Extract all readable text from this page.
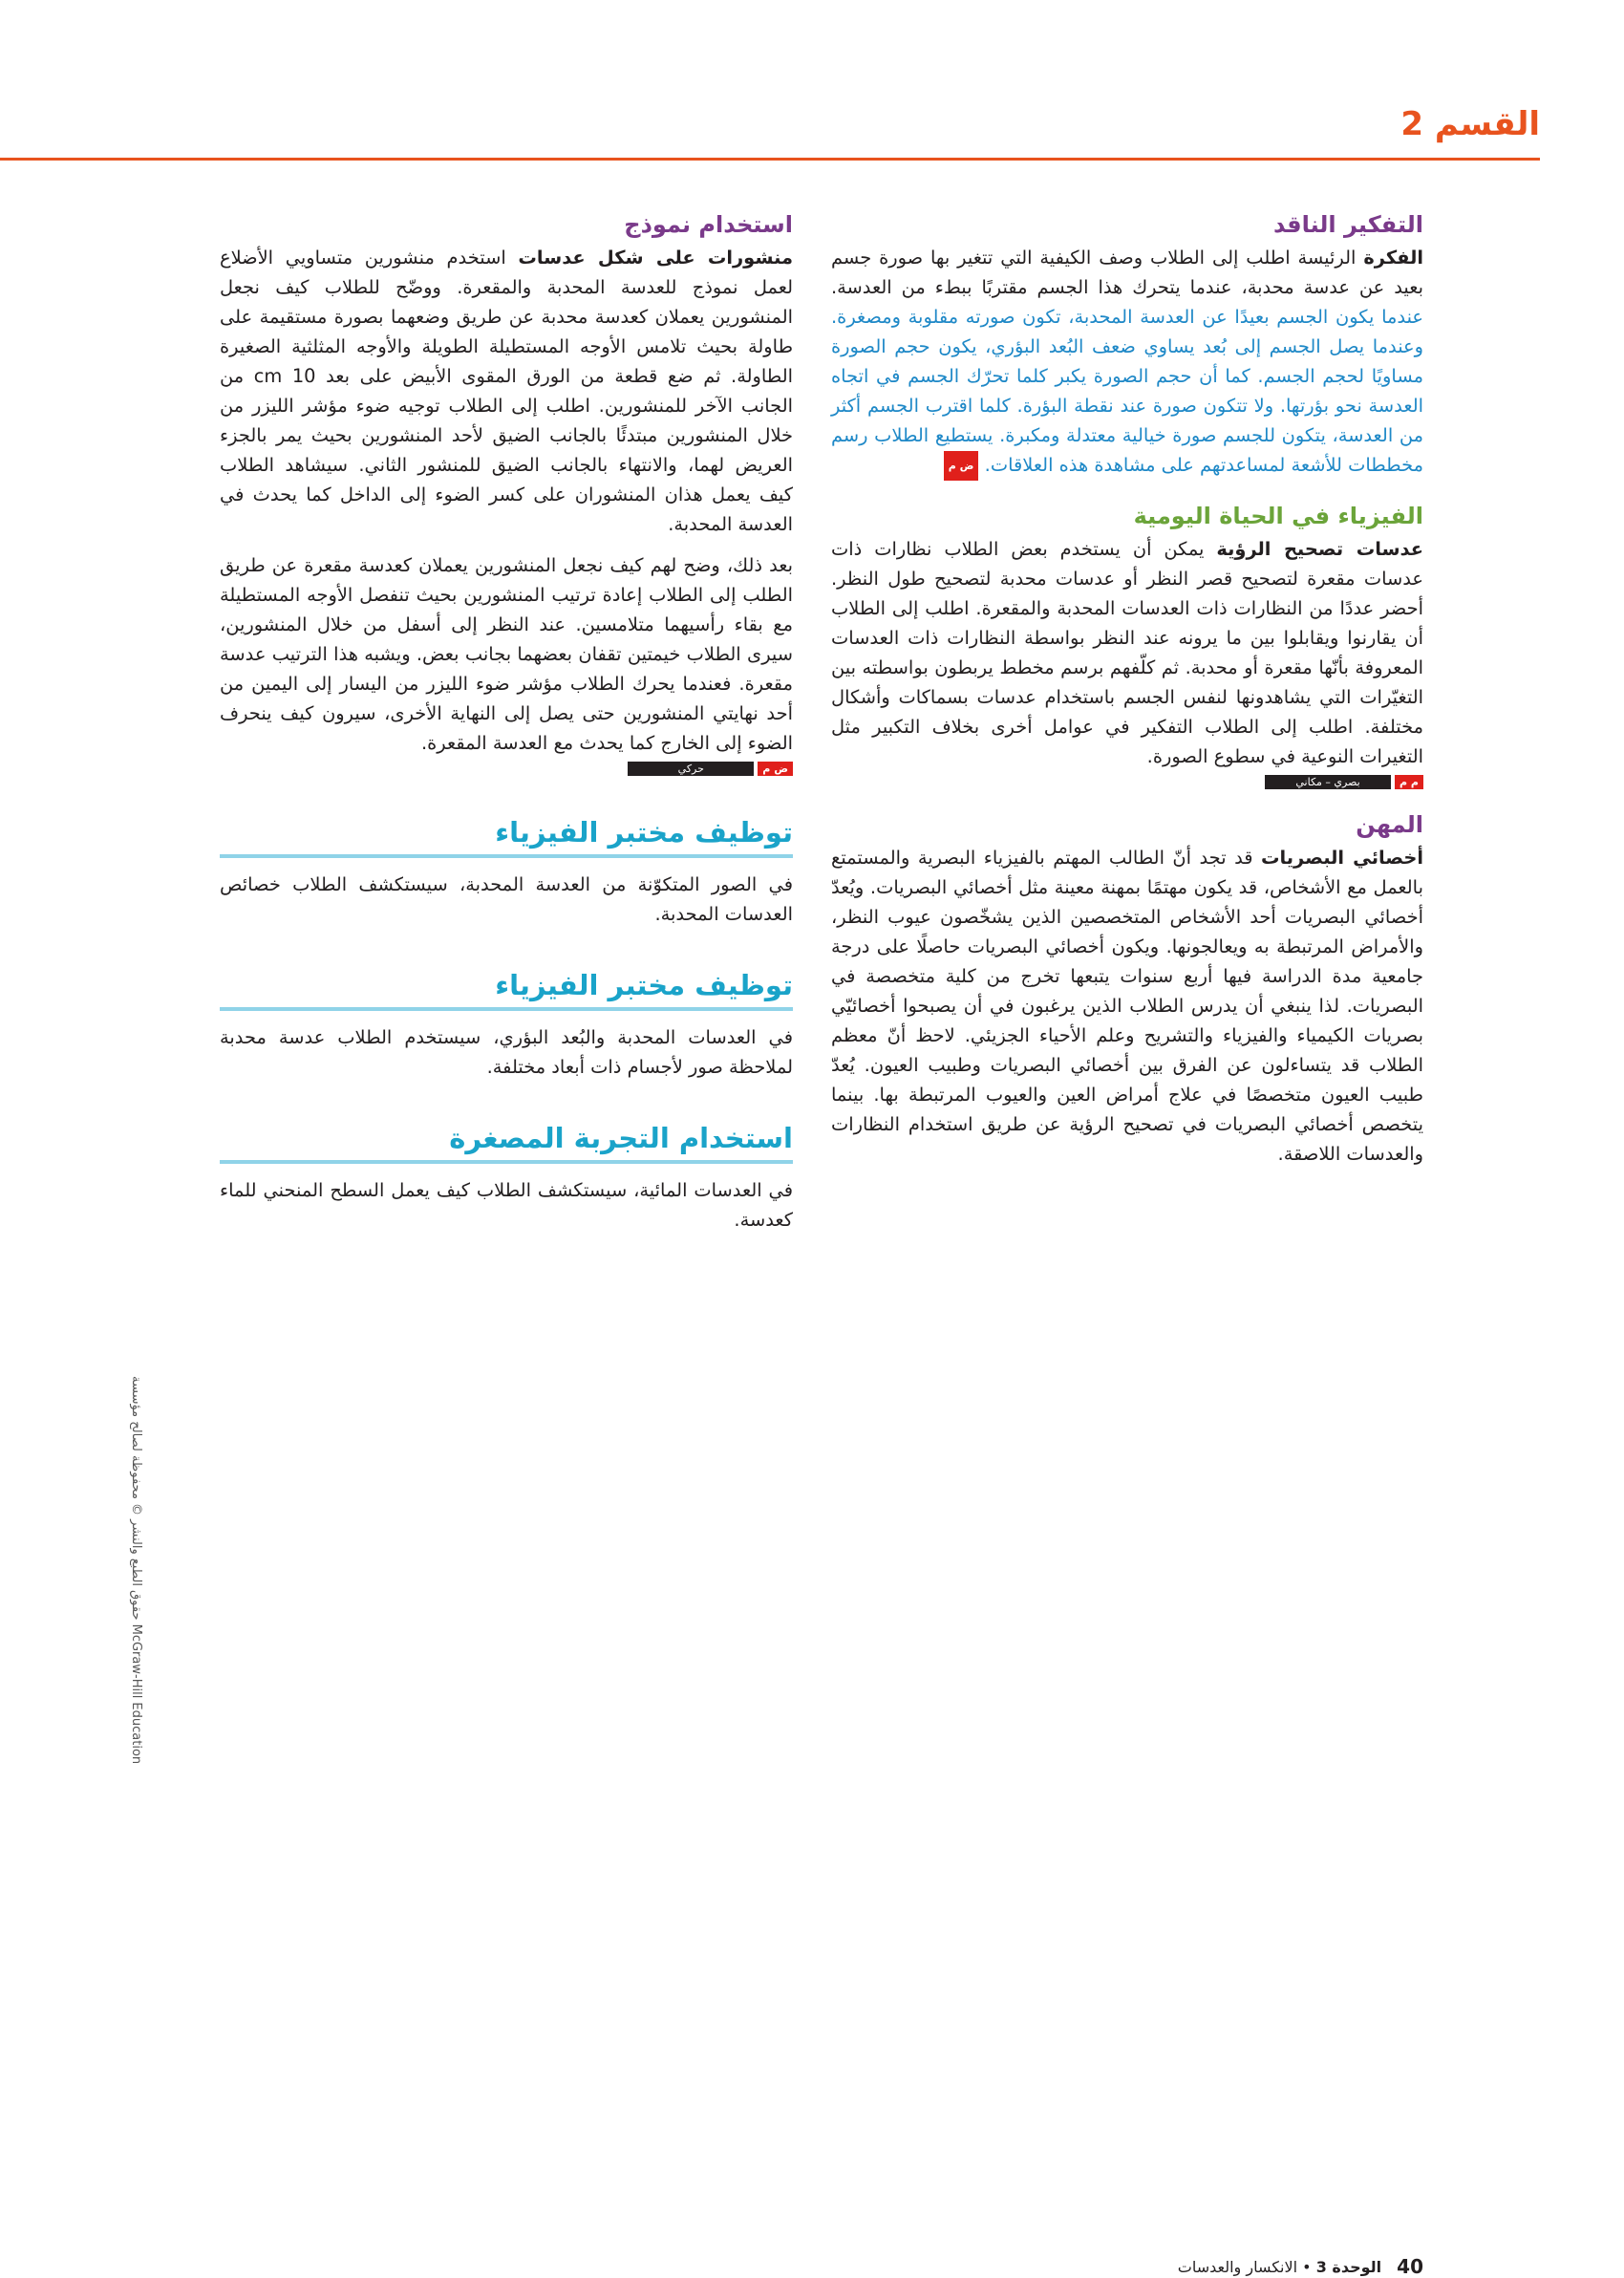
القسم 2
التفكير الناقد

الفكرة الرئيسة اطلب إلى الطلاب وصف الكيفية التي تتغير بها صورة جسم بعيد عن عدسة محدبة، عندما يتحرك هذا الجسم مقتربًا ببطء من العدسة. عندما يكون الجسم بعيدًا عن العدسة المحدبة، تكون صورته مقلوبة ومصغرة. وعندما يصل الجسم إلى بُعد يساوي ضعف البُعد البؤري، يكون حجم الصورة مساويًا لحجم الجسم. كما أن حجم الصورة يكبر كلما تحرّك الجسم في اتجاه العدسة نحو بؤرتها. ولا تتكون صورة عند نقطة البؤرة. كلما اقترب الجسم أكثر من العدسة، يتكون للجسم صورة خيالية معتدلة ومكبرة. يستطيع الطلاب رسم مخططات للأشعة لمساعدتهم على مشاهدة هذه العلاقات. ض م

الفيزياء في الحياة اليومية

عدسات تصحيح الرؤية يمكن أن يستخدم بعض الطلاب نظارات ذات عدسات مقعرة لتصحيح قصر النظر أو عدسات محدبة لتصحيح طول النظر. أحضر عددًا من النظارات ذات العدسات المحدبة والمقعرة. اطلب إلى الطلاب أن يقارنوا ويقابلوا بين ما يرونه عند النظر بواسطة النظارات ذات العدسات المعروفة بأنّها مقعرة أو محدبة. ثم كلّفهم برسم مخطط يربطون بواسطته بين التغيّرات التي يشاهدونها لنفس الجسم باستخدام عدسات بسماكات وأشكال مختلفة. اطلب إلى الطلاب التفكير في عوامل أخرى بخلاف التكبير مثل التغيرات النوعية في سطوع الصورة.

م م
بصري – مكاني
المهن

أخصائي البصريات قد تجد أنّ الطالب المهتم بالفيزياء البصرية والمستمتع بالعمل مع الأشخاص، قد يكون مهتمًا بمهنة معينة مثل أخصائي البصريات. ويُعدّ أخصائي البصريات أحد الأشخاص المتخصصين الذين يشخّصون عيوب النظر، والأمراض المرتبطة به ويعالجونها. ويكون أخصائي البصريات حاصلًا على درجة جامعية مدة الدراسة فيها أربع سنوات يتبعها تخرج من كلية متخصصة في البصريات. لذا ينبغي أن يدرس الطلاب الذين يرغبون في أن يصبحوا أخصائيّي بصريات الكيمياء والفيزياء والتشريح وعلم الأحياء الجزيئي. لاحظ أنّ معظم الطلاب قد يتساءلون عن الفرق بين أخصائي البصريات وطبيب العيون. يُعدّ طبيب العيون متخصصًا في علاج أمراض العين والعيوب المرتبطة بها. بينما يتخصص أخصائي البصريات في تصحيح الرؤية عن طريق استخدام النظارات والعدسات اللاصقة.

استخدام نموذج

منشورات على شكل عدسات استخدم منشورين متساويي الأضلاع لعمل نموذج للعدسة المحدبة والمقعرة. ووضّح للطلاب كيف نجعل المنشورين يعملان كعدسة محدبة عن طريق وضعهما بصورة مستقيمة على طاولة بحيث تلامس الأوجه المستطيلة الطويلة والأوجه المثلثية الصغيرة الطاولة. ثم ضع قطعة من الورق المقوى الأبيض على بعد 10 cm من الجانب الآخر للمنشورين. اطلب إلى الطلاب توجيه ضوء مؤشر الليزر من خلال المنشورين مبتدئًا بالجانب الضيق لأحد المنشورين بحيث يمر بالجزء العريض لهما، والانتهاء بالجانب الضيق للمنشور الثاني. سيشاهد الطلاب كيف يعمل هذان المنشوران على كسر الضوء إلى الداخل كما يحدث في العدسة المحدبة.

بعد ذلك، وضح لهم كيف نجعل المنشورين يعملان كعدسة مقعرة عن طريق الطلب إلى الطلاب إعادة ترتيب المنشورين بحيث تنفصل الأوجه المستطيلة مع بقاء رأسيهما متلامسين. عند النظر إلى أسفل من خلال المنشورين، سيرى الطلاب خيمتين تقفان بعضهما بجانب بعض. ويشبه هذا الترتيب عدسة مقعرة. فعندما يحرك الطلاب مؤشر ضوء الليزر من اليسار إلى اليمين من أحد نهايتي المنشورين حتى يصل إلى النهاية الأخرى، سيرون كيف ينحرف الضوء إلى الخارج كما يحدث مع العدسة المقعرة.

ض م
حركي
توظيف مختبر الفيزياء

في الصور المتكوّنة من العدسة المحدبة، سيستكشف الطلاب خصائص العدسات المحدبة.

توظيف مختبر الفيزياء

في العدسات المحدبة والبُعد البؤري، سيستخدم الطلاب عدسة محدبة لملاحظة صور لأجسام ذات أبعاد مختلفة.

استخدام التجربة المصغرة

في العدسات المائية، سيستكشف الطلاب كيف يعمل السطح المنحني للماء كعدسة.

حقوق الطبع والنشر © محفوظة لصالح مؤسسة McGraw-Hill Education
40
الوحدة 3 • الانكسار والعدسات
